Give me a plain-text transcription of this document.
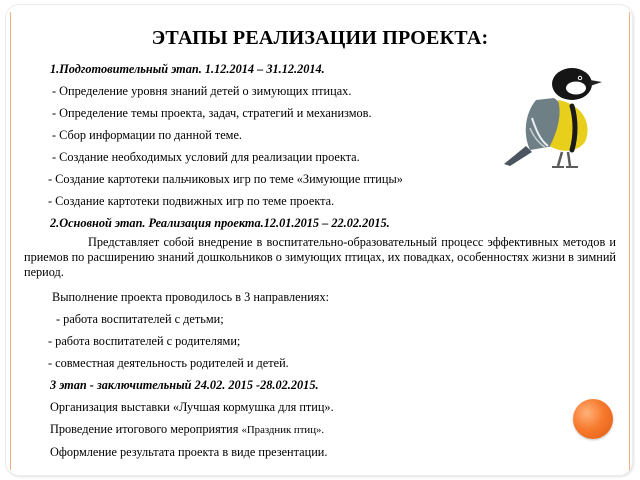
ЭТАПЫ РЕАЛИЗАЦИИ ПРОЕКТА:
1.Подготовительный этап. 1.12.2014 – 31.12.2014.
- Определение уровня знаний детей о зимующих птицах.
- Определение темы проекта, задач, стратегий и механизмов.
- Сбор информации по данной теме.
- Создание необходимых условий для реализации проекта.
- Создание картотеки пальчиковых игр по теме «Зимующие птицы»
- Создание картотеки подвижных игр по теме проекта.
2.Основной этап. Реализация проекта.12.01.2015 – 22.02.2015.
Представляет собой внедрение в воспитательно-образовательный процесс эффективных методов и приемов по расширению знаний дошкольников о зимующих птицах, их повадках, особенностях жизни в зимний период.
Выполнение проекта проводилось в 3 направлениях:
- работа воспитателей с детьми;
- работа воспитателей с родителями;
- совместная деятельность родителей и детей.
3 этап - заключительный 24.02. 2015 -28.02.2015.
Организация выставки «Лучшая кормушка для птиц».
Проведение итогового мероприятия «Праздник птиц».
Оформление результата проекта в виде презентации.
